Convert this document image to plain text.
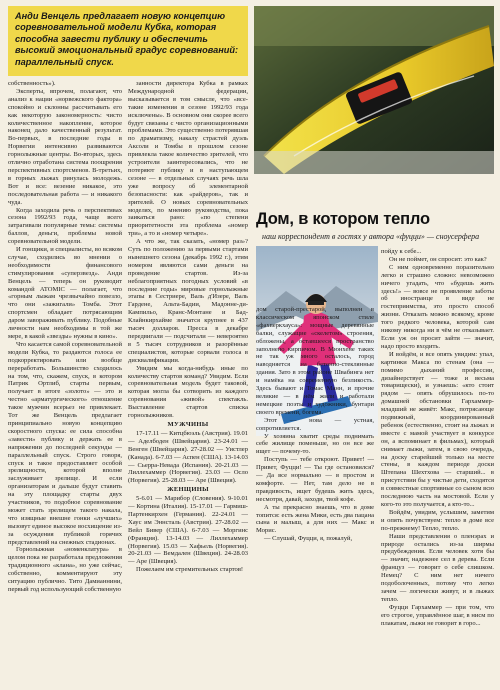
Анди Венцель предлагает новую концепцию соревновательной модели Кубка, которая способна завести публику и обеспечить высокий эмоциональный градус соревнований: параллельный спуск.

собственность»).

Эксперты, впрочем, полагают, что анализ к нации «норвежского фактора» спокойно и склонны рассчитывать его как некоторую закономерность: чисто количественное накопление, которое наконец дало качественный результат. Во-первых, в последние годы в Норвегии интенсивно развиваются горнолыжные центры. Во-вторых, здесь отлично отработана система поощрения перспективных спортсменов. В-третьих, в горных лыжах ринулась молодежь. Вот и все: везение никакое, это последовательная работа — и никакого чуда.

Когда заходила речь о перспективах сезона 1992/93 года, чаще всего затрагивали популярные темы: системы баллов, деньги, проблемы новой соревновательной модели.

И гонщики, и специалисты, во всяком случае, сходились во мнении о необходимости финансового стимулирования «суперзвезд». Анди Венцель — теперь он руководит командой ATOMIC — полагает, что «горным лыжам чрезвычайно повезло, что они «зажигали» Томба. Этот спортсмен обладает потрясающим даром завораживать публику. Подобные личности нам необходимы в той же мере, в какой «звезды» нужны в кино».

Что касается самой соревновательной модели Кубка, то раздаются голоса ее подкорректировать или вообще переработать. Большинство сходилось на том, что, скажем, спуск, в котором Патрик Ортлиб, старты первым, получает в итоге «золото» — это и честно «арматургического» отношение такое мужчин всерьез не привлекает. Тот же Венцель предлагает принципиально новую концепцию скоростного спуска: ее сила способна «завести» публику и держать ее в напряжении до последней секунды — параллельный спуск. Строго говоря, спуск и такое предоставляет особой зрелищности, которой вполне заслуживает зрелище. И если организаторам и дальше будут ставить на эту площадку старты двух участников, то подобное соревнование может стать зрелищем такого накала, что изящные внешне гонки «лучших» вызовут единое высокое восхищение из-за осуждения публикой горячих представлений на снежных стадионах.

Горнолыжная «номенклатура» в целом пока не разработала предложения традиционного «клана», но уже сейчас, собственно, комментируют эту ситуацию публично. Тито Дамианнини, первый год использующий собственную

занности директора Кубка в рамках Международной федерации, высказывается в том смысле, что «все-такие изменения в сезоне 1992/93 года исключены». В основном они скорее всего будут связаны с чисто организационными проблемами. Это существенно потерявшая по драматизму, накалу страстей дуэль Аксоли и Томбы в прошлом сезоне привлекла такое количество зрителей, что устроители заинтересовались, что не потеряют публику и в наступающем сезоне — в отдельных случаях речь шла уже вопросу об элементарной безопасности: как «райдеров», так и зрителей. О новых соревновательных моделях, по мнению руководства, пока заикаться рано: «по степени приоритетности эта проблема «номер три», а то и «номер четыре».

А что же, так сказать, «номер раз»? Суть по положению за первыми стартами нынешнего сезона (декабрь 1992 г.), этим номером являются сами деньги на проведение стартов. Из-за неблагоприятных погодных условий «в последние годы» мировые горнолыжные этапы в Сестриере, Валь д'Изере, Валь Гардене, Альта-Бадии, Мадонне-ди-Кампильо, Кранс-Монтане и Бад-Клайнкирхайме значатся крупнее в 437 тысяч долларов. Пресса в декабре передвигали — подсчитали — невероятно в 5 тысяч сотрудников и разорённые специалистов, которые сорвали голоса в дисквалификации.

Увидим мы когда-нибудь иные по количеству стартов команд? Увидим. Если соревновательная модель будет таковой, которая могла бы сотворить из каждого соревнования «живой» спектакль. Выставление стартов списка горнолыжников.

МУЖЧИНЫ

17-17.11 — Китцбюэль (Австрия). 19.01 — Аделбоден (Швейцария). 23-24.01 — Венген (Швейцария). 27-28.02 — Уистлер (Канада). 6-7.03 — Аспен (США). 13-14.03 — Сьерра-Невада (Испания). 20-21.03 — Лиллехаммер (Норвегия). 23.03 — Осло (Норвегия). 25-28.03 — Аре (Швеция).

ЖЕНЩИНЫ

5-6.01 — Марибор (Словения). 9-10.01 — Кортина (Италия). 15-17.01 — Гармиш-Партенкирхен (Германия). 22-24.01 — Хаус им Эннсталь (Австрия). 27-28.02 — Вейл Бивер (США). 6-7.03 — Моргинс (Франция). 13-14.03 — Лиллехаммер (Норвегия). 15.03 — Хафьель (Норвегия). 20-21.03 — Вемдален (Швеция). 24-28.03 — Аре (Швеция).

Пожелаем им стремительных стартов!

Дом, в котором тепло
наш корреспондент в гостях у автора «фуцци» — сноусерфера

дом старой-престарой, выполнен в классическом японском стиле «фахверкхауса»: мощные деревянные балки, служащие «скелетом» строения, обложены, а оставшееся пространство заполнено кирпичом. В Мюнхене таких не так уж много осталось, город наводняется на бетонно-стеклянные здания. Зато в этом районе Швабинга нет и намёка на современную безликость. Здесь бывают и Томас Манн, и прочие великие — в нём жили и работали немецкие поэты и художники, бунтари своего времени, богема.

Этот — нова — устная, сопротивляется.

У хозяина хватит среды поднимать себе жилище поменьше, но он все же ищет — почему-то.

Поступь — тебе откроют. Привет! — Привет, Фуцци! — Ты где остановился? — Да все нормально — в простом и комфорте. — Нет, там дело не в правдивость, ищет будешь жить здесь, несмотря, давай, заходи, твой кофе.

А ты прекрасно знаешь, что в доме топится: есть жена Мики, есть два пацана сына и малыш, а для них — Макс и Морис.

— Слушай, Фуцци, я, пожалуй,

пойду к себе...

Он не поймет, он спросит: это как?

С ним одновременно поразительно легко и страшно сложно: невозможно ничего угадать, что «будешь жить здесь!» — вовсе не проявление заботы об иностранце в виде не гостеприимства, это просто способ жизни. Отказать можно всякому, кроме того редкого человека, которой сам никому никогда ни в чём не отказывает. Если уж он просит зайти — значит, надо просто входить.

И войдём, и все опять увидим: упал, картинки Макса по стенам (она — помимо дыханий профессии, дизайнерствует — тоже и весьма товарищески), и узнаешь: «кто стоит рядом — опять обрушилось по-то домашней обстановки Гархаммер-младший не живёт: Макс, потрясающе подвижный, координированный ребенок (естественно, стоит на лыжах и вместе с мамой участвует в конкурсе он, а вспоминает в фильмах), который снимает лыжи, затем, в свою очередь, на доску старейший только на месте стены, в каждом периоде доски Штепана Шехтхова — старший... в присутствии бы у чистые дети, сходятся в совместные спортивные со сыном всю последнюю часть на мостовой. Если у кого-то это получается, а кто-то...

Войдём, увидим, услышим, заметим и опять почувствуем: тепло в доме все по-прежнему! Тепло, тепло.

Наши представления о пленэрах и природе остались из-за ширмы предубеждения. Если человек хотя бы — значит, надежнее сел в дерева. Если француз — говорит о себе слишком. Немец? С ним нет ничего подоболоченных, потому что легко зачем — логически живут, и в лыжах тепло.

Фуцци Гархаммер — при том, что его строгое, управлённое шаг, в нисм по плакатам, лыжи не говорит в горо...
